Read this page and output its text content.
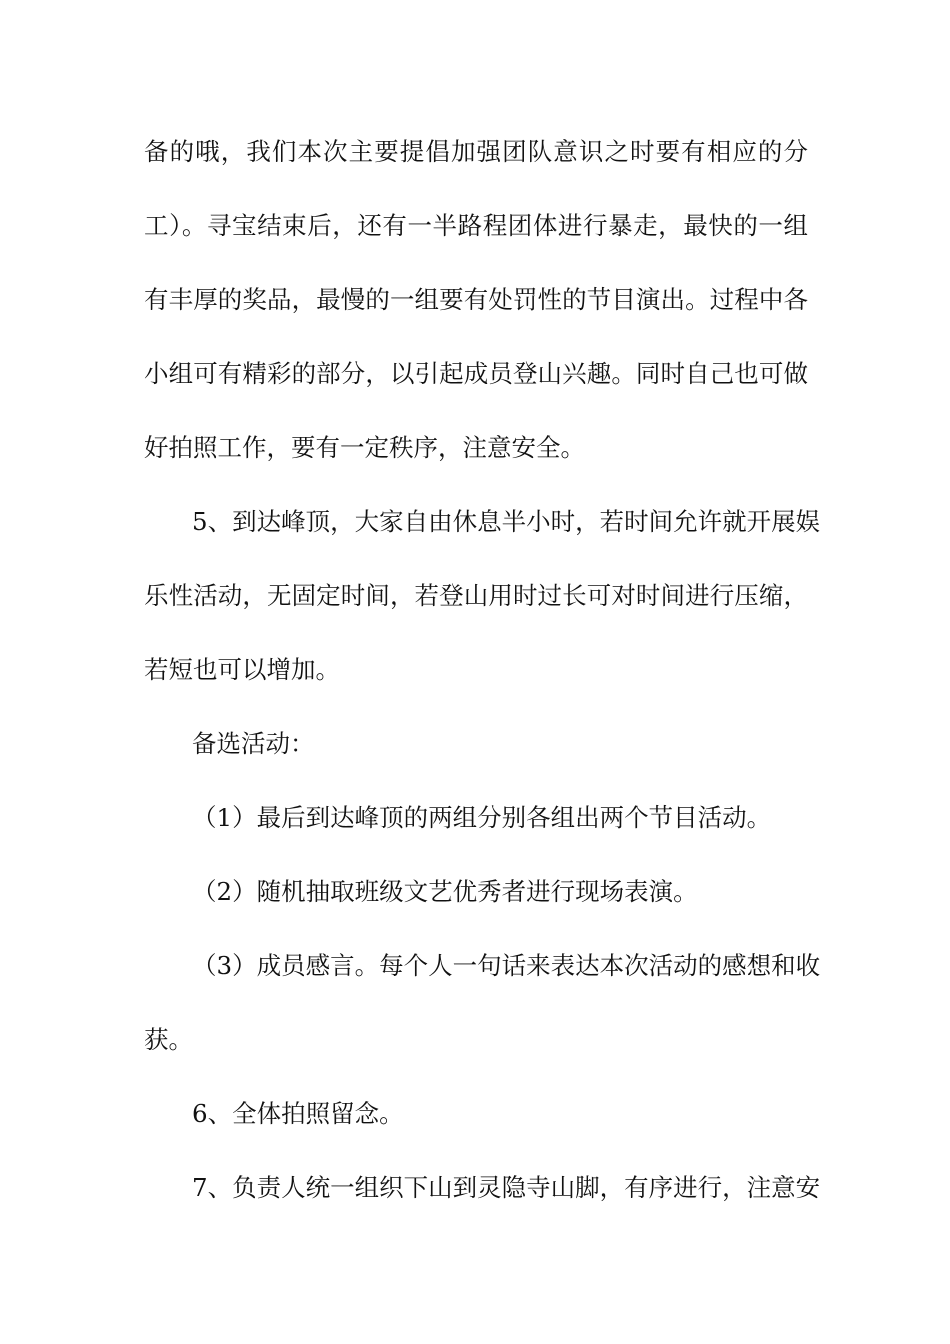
备的哦，我们本次主要提倡加强团队意识之时要有相应的分
工）。寻宝结束后，还有一半路程团体进行暴走，最快的一组
有丰厚的奖品，最慢的一组要有处罚性的节目演出。过程中各
小组可有精彩的部分，以引起成员登山兴趣。同时自己也可做
好拍照工作，要有一定秩序，注意安全。
5、到达峰顶，大家自由休息半小时，若时间允许就开展娱
乐性活动，无固定时间，若登山用时过长可对时间进行压缩，
若短也可以增加。
备选活动：
（1）最后到达峰顶的两组分别各组出两个节目活动。
（2）随机抽取班级文艺优秀者进行现场表演。
（3）成员感言。每个人一句话来表达本次活动的感想和收
获。
6、全体拍照留念。
7、负责人统一组织下山到灵隐寺山脚，有序进行，注意安
